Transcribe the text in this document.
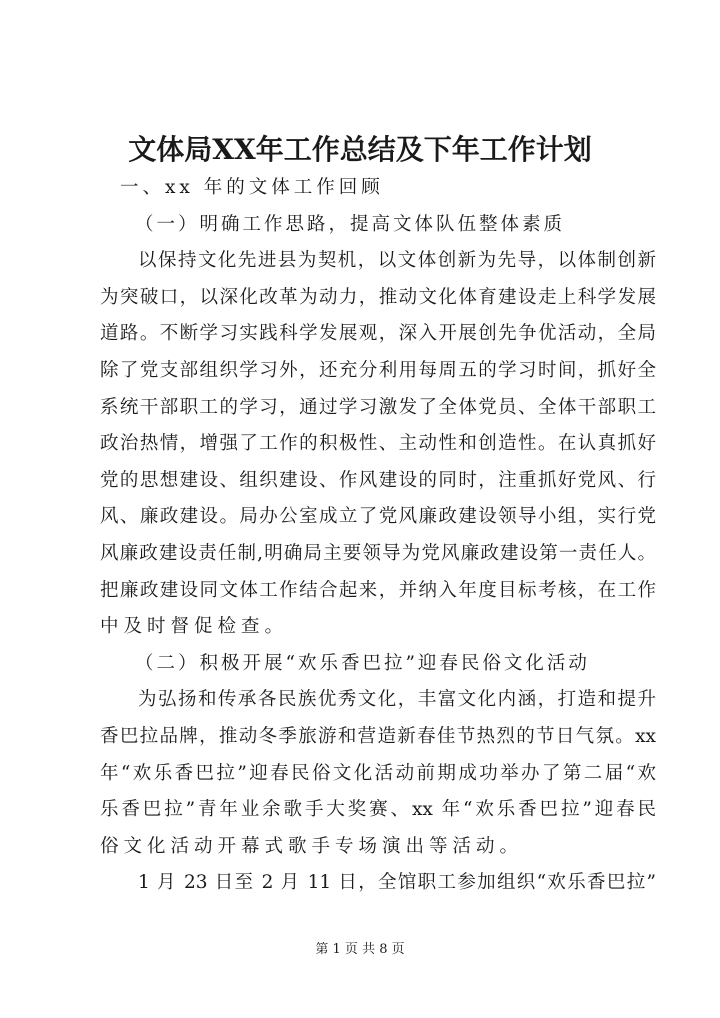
文体局XX年工作总结及下年工作计划
一、xx 年的文体工作回顾
（一）明确工作思路，提高文体队伍整体素质
以保持文化先进县为契机，以文体创新为先导，以体制创新
为突破口，以深化改革为动力，推动文化体育建设走上科学发展
道路。不断学习实践科学发展观，深入开展创先争优活动，全局
除了党支部组织学习外，还充分利用每周五的学习时间，抓好全
系统干部职工的学习，通过学习激发了全体党员、全体干部职工
政治热情，增强了工作的积极性、主动性和创造性。在认真抓好
党的思想建设、组织建设、作风建设的同时，注重抓好党风、行
风、廉政建设。局办公室成立了党风廉政建设领导小组，实行党
风廉政建设责任制,明确局主要领导为党风廉政建设第一责任人。
把廉政建设同文体工作结合起来，并纳入年度目标考核，在工作
中及时督促检查。
（二）积极开展“欢乐香巴拉”迎春民俗文化活动
为弘扬和传承各民族优秀文化，丰富文化内涵，打造和提升
香巴拉品牌，推动冬季旅游和营造新春佳节热烈的节日气氛。xx
年“欢乐香巴拉”迎春民俗文化活动前期成功举办了第二届“欢
乐香巴拉”青年业余歌手大奖赛、xx 年“欢乐香巴拉”迎春民
俗文化活动开幕式歌手专场演出等活动。
1 月 23 日至 2 月 11 日，全馆职工参加组织“欢乐香巴拉”
第 1 页 共 8 页
